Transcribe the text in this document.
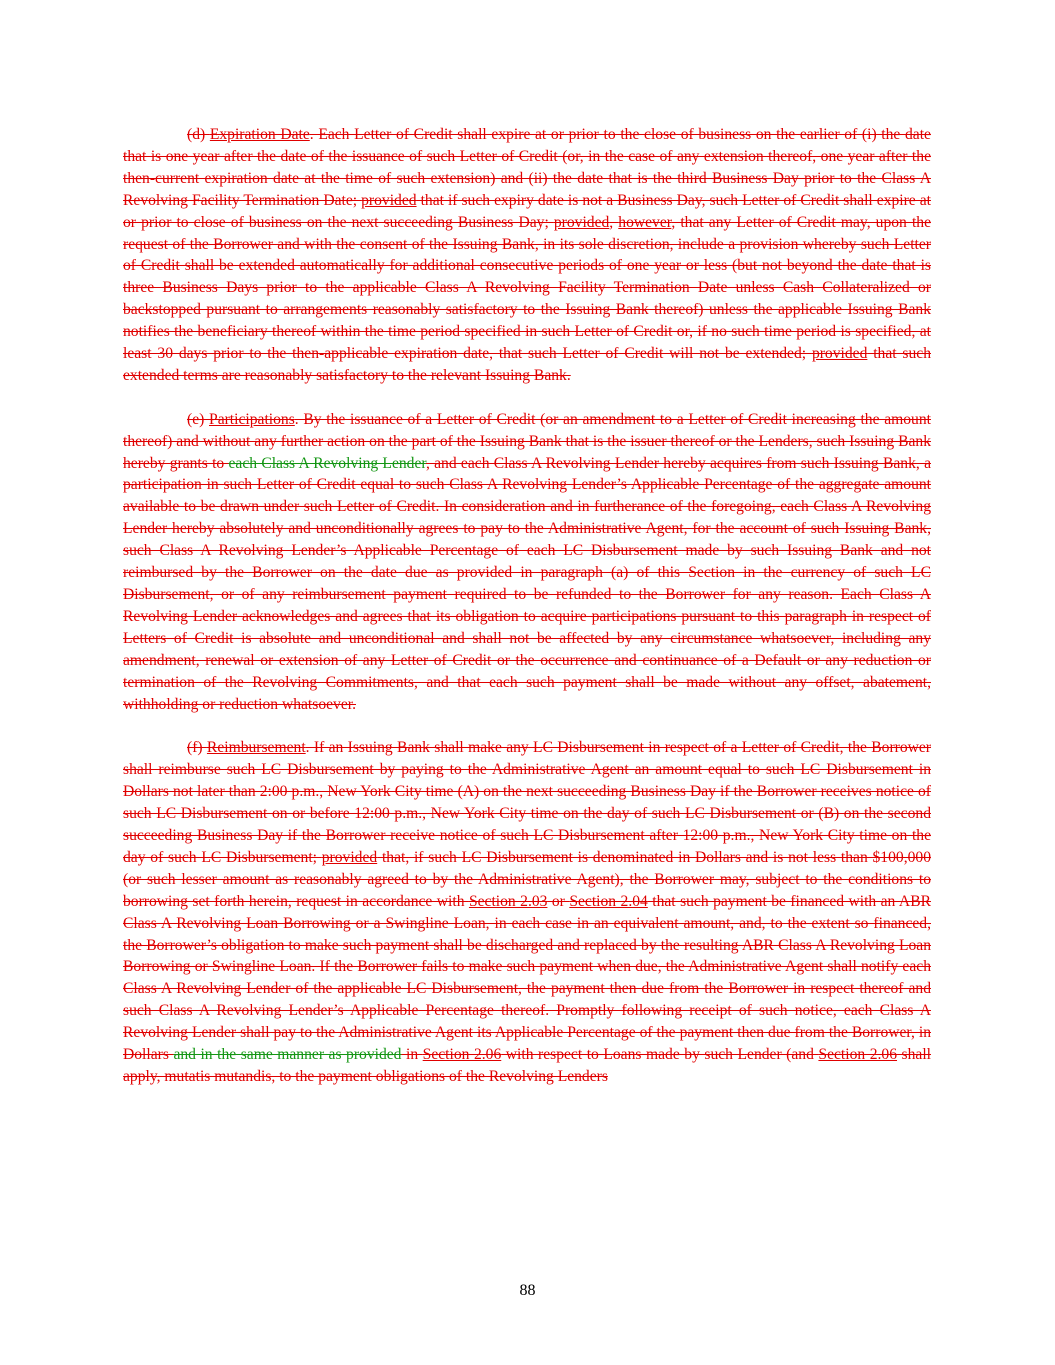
(d) Expiration Date. Each Letter of Credit shall expire at or prior to the close of business on the earlier of (i) the date that is one year after the date of the issuance of such Letter of Credit (or, in the case of any extension thereof, one year after the then-current expiration date at the time of such extension) and (ii) the date that is the third Business Day prior to the Class A Revolving Facility Termination Date; provided that if such expiry date is not a Business Day, such Letter of Credit shall expire at or prior to close of business on the next succeeding Business Day; provided, however, that any Letter of Credit may, upon the request of the Borrower and with the consent of the Issuing Bank, in its sole discretion, include a provision whereby such Letter of Credit shall be extended automatically for additional consecutive periods of one year or less (but not beyond the date that is three Business Days prior to the applicable Class A Revolving Facility Termination Date unless Cash Collateralized or backstopped pursuant to arrangements reasonably satisfactory to the Issuing Bank thereof) unless the applicable Issuing Bank notifies the beneficiary thereof within the time period specified in such Letter of Credit or, if no such time period is specified, at least 30 days prior to the then-applicable expiration date, that such Letter of Credit will not be extended; provided that such extended terms are reasonably satisfactory to the relevant Issuing Bank.

(e) Participations. By the issuance of a Letter of Credit (or an amendment to a Letter of Credit increasing the amount thereof) and without any further action on the part of the Issuing Bank that is the issuer thereof or the Lenders, such Issuing Bank hereby grants to each Class A Revolving Lender, and each Class A Revolving Lender hereby acquires from such Issuing Bank, a participation in such Letter of Credit equal to such Class A Revolving Lender’s Applicable Percentage of the aggregate amount available to be drawn under such Letter of Credit. In consideration and in furtherance of the foregoing, each Class A Revolving Lender hereby absolutely and unconditionally agrees to pay to the Administrative Agent, for the account of such Issuing Bank, such Class A Revolving Lender’s Applicable Percentage of each LC Disbursement made by such Issuing Bank and not reimbursed by the Borrower on the date due as provided in paragraph (a) of this Section in the currency of such LC Disbursement, or of any reimbursement payment required to be refunded to the Borrower for any reason. Each Class A Revolving Lender acknowledges and agrees that its obligation to acquire participations pursuant to this paragraph in respect of Letters of Credit is absolute and unconditional and shall not be affected by any circumstance whatsoever, including any amendment, renewal or extension of any Letter of Credit or the occurrence and continuance of a Default or any reduction or termination of the Revolving Commitments, and that each such payment shall be made without any offset, abatement, withholding or reduction whatsoever.

(f) Reimbursement. If an Issuing Bank shall make any LC Disbursement in respect of a Letter of Credit, the Borrower shall reimburse such LC Disbursement by paying to the Administrative Agent an amount equal to such LC Disbursement in Dollars not later than 2:00 p.m., New York City time (A) on the next succeeding Business Day if the Borrower receives notice of such LC Disbursement on or before 12:00 p.m., New York City time on the day of such LC Disbursement or (B) on the second succeeding Business Day if the Borrower receive notice of such LC Disbursement after 12:00 p.m., New York City time on the day of such LC Disbursement; provided that, if such LC Disbursement is denominated in Dollars and is not less than $100,000 (or such lesser amount as reasonably agreed to by the Administrative Agent), the Borrower may, subject to the conditions to borrowing set forth herein, request in accordance with Section 2.03 or Section 2.04 that such payment be financed with an ABR Class A Revolving Loan Borrowing or a Swingline Loan, in each case in an equivalent amount, and, to the extent so financed, the Borrower’s obligation to make such payment shall be discharged and replaced by the resulting ABR Class A Revolving Loan Borrowing or Swingline Loan. If the Borrower fails to make such payment when due, the Administrative Agent shall notify each Class A Revolving Lender of the applicable LC Disbursement, the payment then due from the Borrower in respect thereof and such Class A Revolving Lender’s Applicable Percentage thereof. Promptly following receipt of such notice, each Class A Revolving Lender shall pay to the Administrative Agent its Applicable Percentage of the payment then due from the Borrower, in Dollars and in the same manner as provided in Section 2.06 with respect to Loans made by such Lender (and Section 2.06 shall apply, mutatis mutandis, to the payment obligations of the Revolving Lenders

88
